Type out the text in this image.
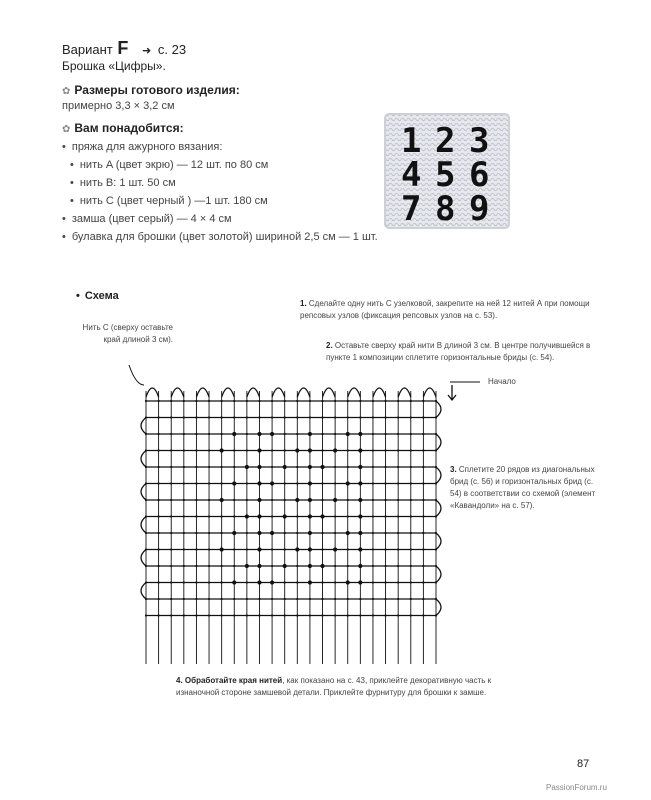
Вариант F ➜ с. 23
Брошка «Цифры».
✿ Размеры готового изделия:
примерно 3,3 × 3,2 см
✿ Вам понадобится:
• пряжа для ажурного вязания:
• нить A (цвет экрю) — 12 шт. по 80 см
• нить B: 1 шт. 50 см
• нить C (цвет черный ) —1 шт. 180 см
• замша (цвет серый) — 4 × 4 см
• булавка для брошки (цвет золотой) шириной 2,5 см — 1 шт.
1 2 3
4 5 6
7 8 9
• Схема
1. Сделайте одну нить С узелковой, закрепите на ней 12 нитей А при помощи репсовых узлов (фиксация репсовых узлов на с. 53).
2. Оставьте сверху край нити В длиной 3 см. В центре получившейся в пункте 1 композиции сплетите горизонтальные бриды (с. 54).
Нить С (сверху оставьте край длиной 3 см).
Начало
3. Сплетите 20 рядов из диагональных брид (с. 56) и горизонтальных брид (с. 54) в соответствии со схемой (элемент «Кавандоли» на с. 57).
4. Обработайте края нитей, как показано на с. 43, приклейте декоративную часть к изнаночной стороне замшевой детали. Приклейте фурнитуру для брошки к замше.
87
PassionForum.ru
